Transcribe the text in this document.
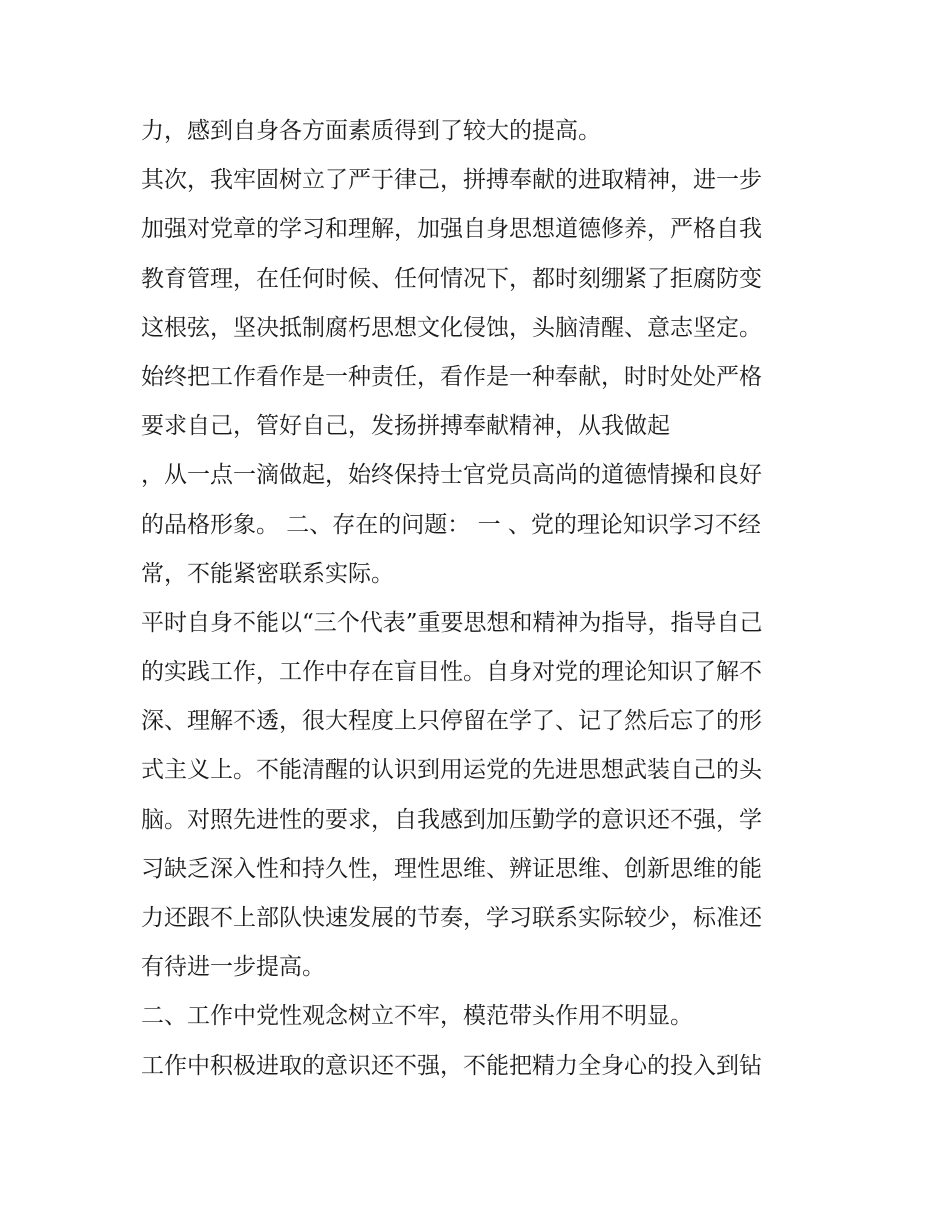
力，感到自身各方面素质得到了较大的提高。
其次，我牢固树立了严于律己，拼搏奉献的进取精神，进一步
加强对党章的学习和理解，加强自身思想道德修养，严格自我
教育管理，在任何时候、任何情况下，都时刻绷紧了拒腐防变
这根弦，坚决抵制腐朽思想文化侵蚀，头脑清醒、意志坚定。
始终把工作看作是一种责任，看作是一种奉献，时时处处严格
要求自己，管好自己，发扬拼搏奉献精神，从我做起
，从一点一滴做起，始终保持士官党员高尚的道德情操和良好
的品格形象。 二、存在的问题： 一 、党的理论知识学习不经
常，不能紧密联系实际。
平时自身不能以“三个代表”重要思想和精神为指导，指导自己
的实践工作，工作中存在盲目性。自身对党的理论知识了解不
深、理解不透，很大程度上只停留在学了、记了然后忘了的形
式主义上。不能清醒的认识到用运党的先进思想武装自己的头
脑。对照先进性的要求，自我感到加压勤学的意识还不强，学
习缺乏深入性和持久性，理性思维、辨证思维、创新思维的能
力还跟不上部队快速发展的节奏，学习联系实际较少，标准还
有待进一步提高。
二、工作中党性观念树立不牢，模范带头作用不明显。
工作中积极进取的意识还不强，不能把精力全身心的投入到钻
